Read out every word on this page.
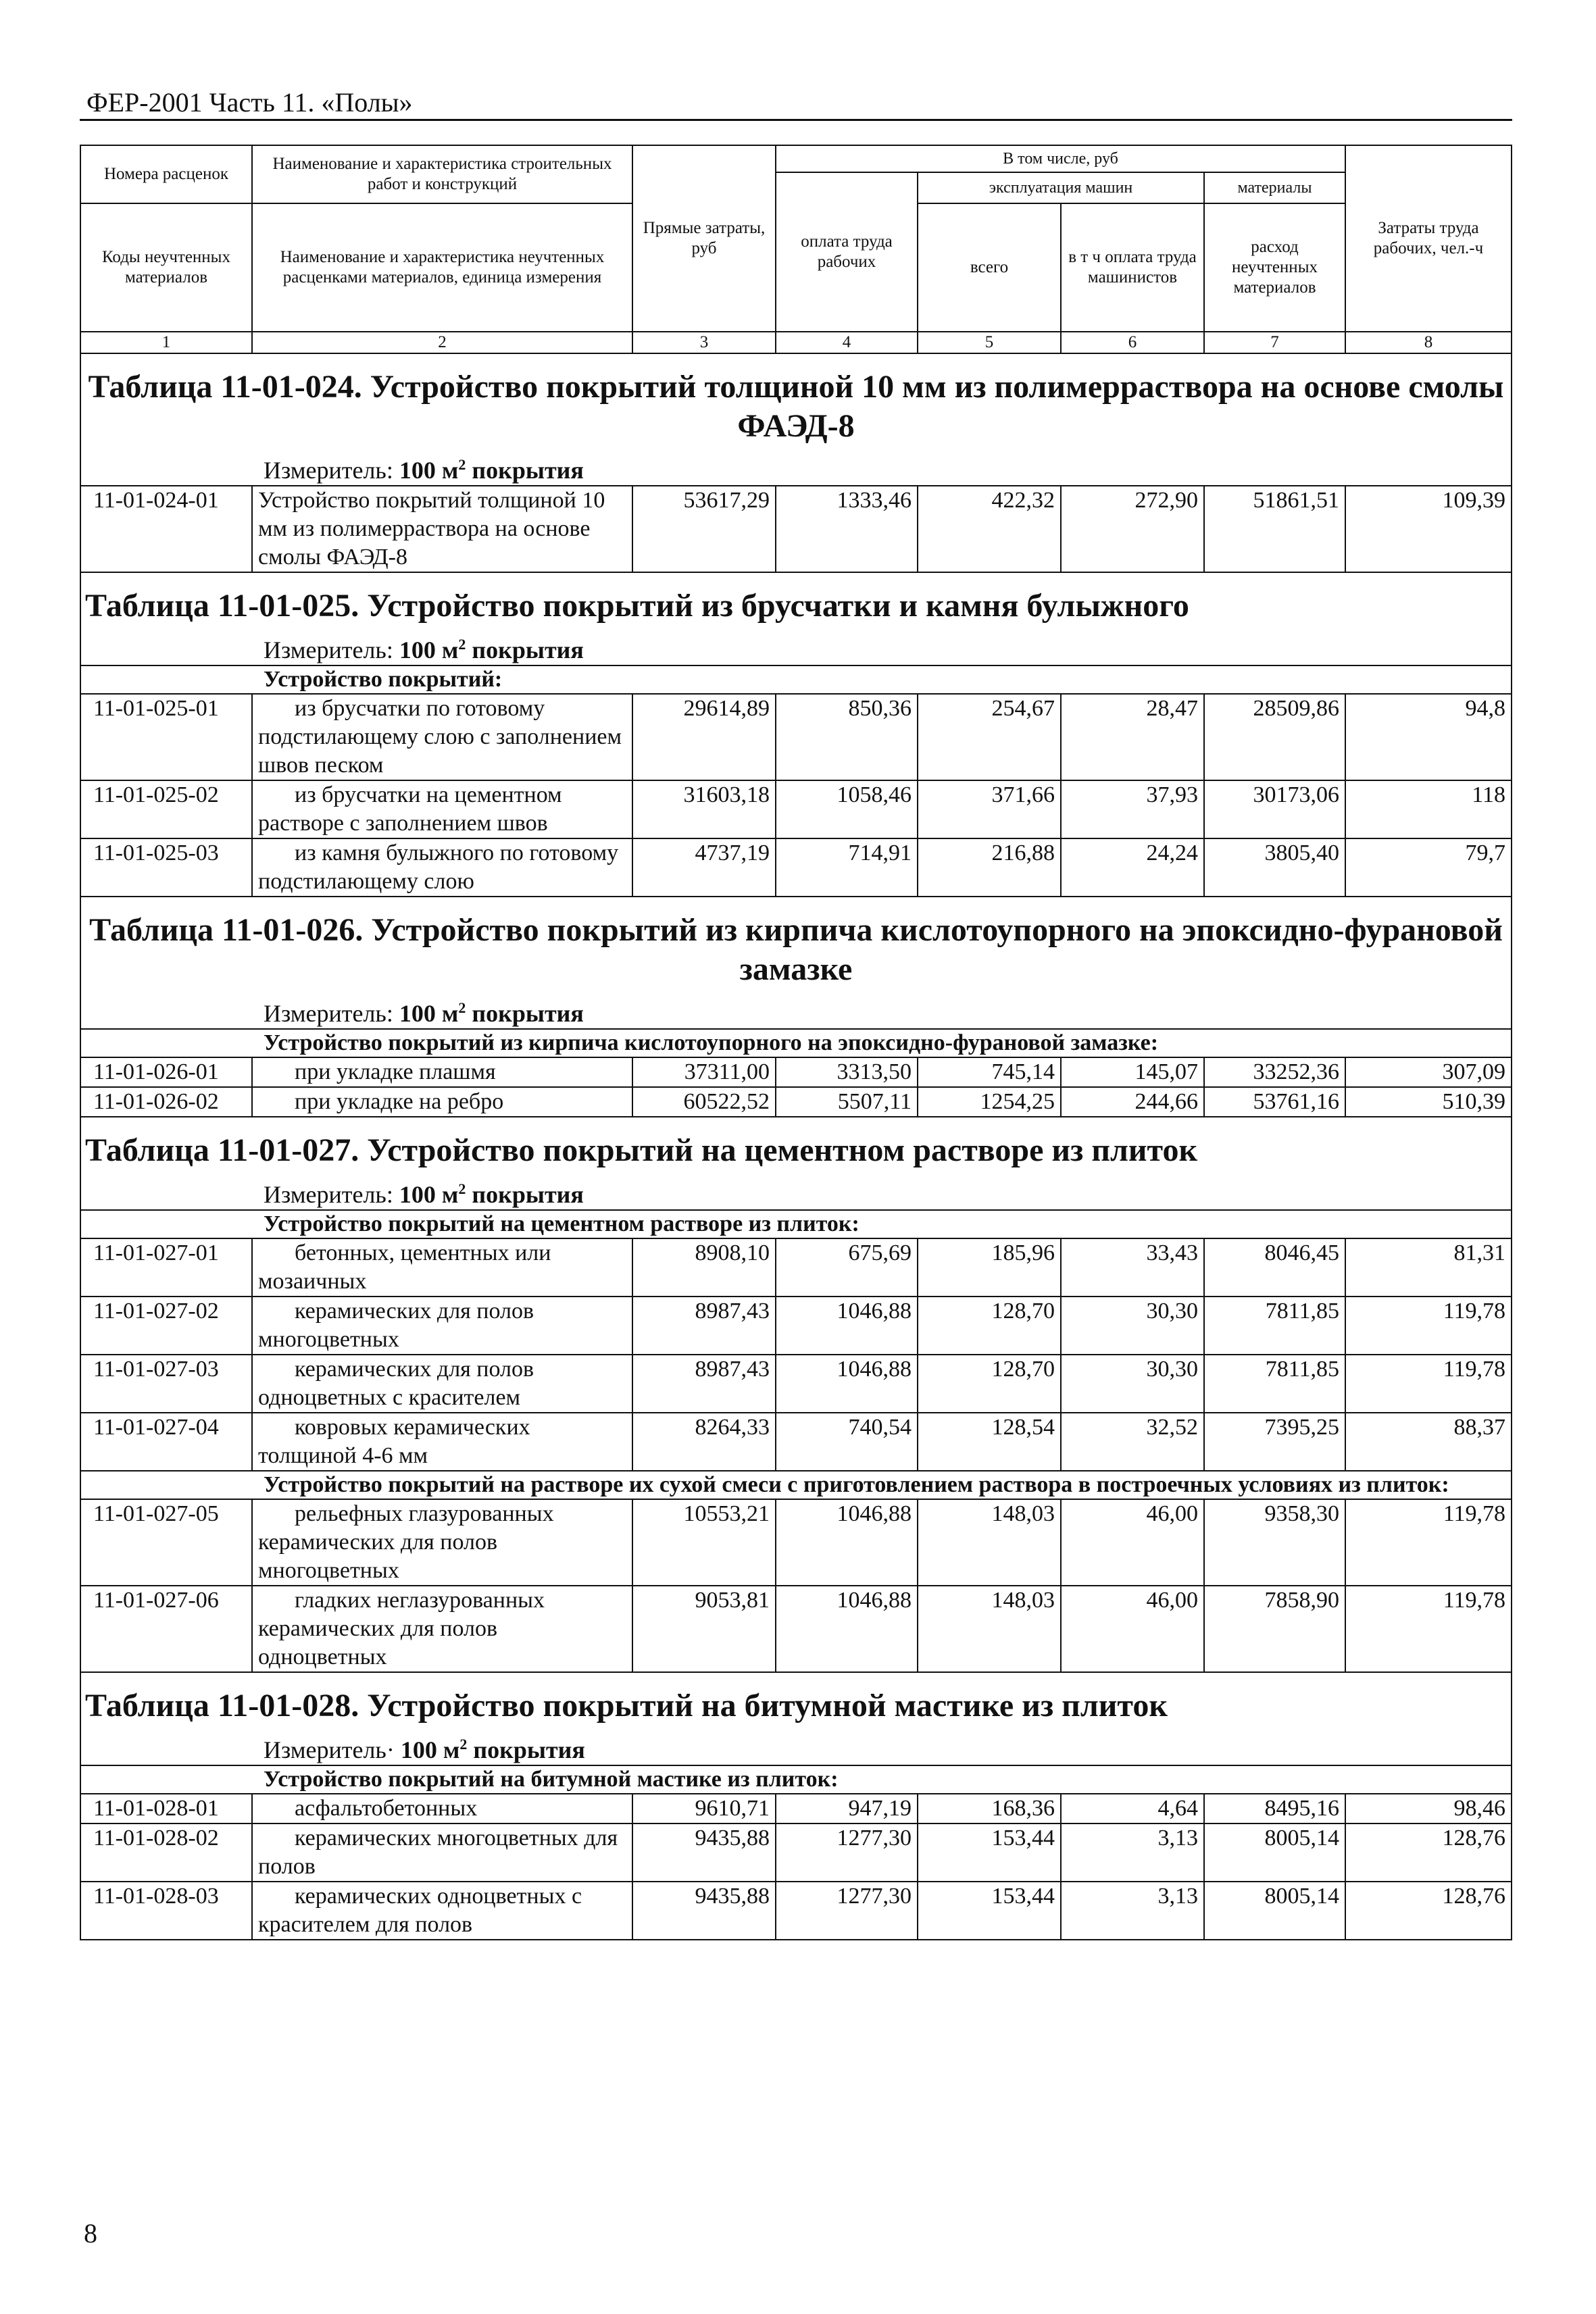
ФЕР-2001 Часть 11. «Полы»
Номера расценок	Наименование и характеристика строительных работ и конструкций	Прямые затраты, руб	В том числе, руб				Затраты труда рабочих, чел.-ч
			оплата труда рабочих	эксплуатация машин		материалы	
Коды неучтенных материалов	Наименование и характеристика неучтенных расценками материалов, единица измерения			всего	в т ч оплата труда машинистов	расход неучтенных материалов	

1	2	3	4	5	6	7	8
Таблица 11-01-024. Устройство покрытий толщиной 10 мм из полимерраствора на основе смолы ФАЭД-8							
Измеритель: 100 $м^2$ покрытия							
11-01-024-01	Устройство покрытий толщиной 10 мм из полимерраствора на основе смолы ФАЭД-8	53617,29	1333,46	422,32	272,90	51861,51	109,39
Таблица 11-01-025. Устройство покрытий из брусчатки и камня булыжного							
Измеритель: 100 $м^2$ покрытия							
Устройство покрытий:							
11-01-025-01	из брусчатки по готовому подстилающему слою с заполнением швов песком	29614,89	850,36	254,67	28,47	28509,86	94,8
11-01-025-02	из брусчатки на цементном растворе с заполнением швов	31603,18	1058,46	371,66	37,93	30173,06	118
11-01-025-03	из камня булыжного по готовому подстилающему слою	4737,19	714,91	216,88	24,24	3805,40	79,7
Таблица 11-01-026. Устройство покрытий из кирпича кислотоупорного на эпоксидно-фурановой замазке							
Измеритель: 100 $м^2$ покрытия							
Устройство покрытий из кирпича кислотоупорного на эпоксидно-фурановой замазке:							
11-01-026-01	при укладке плашмя	37311,00	3313,50	745,14	145,07	33252,36	307,09
11-01-026-02	при укладке на ребро	60522,52	5507,11	1254,25	244,66	53761,16	510,39
Таблица 11-01-027. Устройство покрытий на цементном растворе из плиток							
Измеритель: 100 $м^2$ покрытия							
Устройство покрытий на цементном растворе из плиток:							
11-01-027-01	бетонных, цементных или мозаичных	8908,10	675,69	185,96	33,43	8046,45	81,31
11-01-027-02	керамических для полов многоцветных	8987,43	1046,88	128,70	30,30	7811,85	119,78
11-01-027-03	керамических для полов одноцветных с красителем	8987,43	1046,88	128,70	30,30	7811,85	119,78
11-01-027-04	ковровых керамических толщиной 4-6 мм	8264,33	740,54	128,54	32,52	7395,25	88,37
Устройство покрытий на растворе их сухой смеси с приготовлением раствора в построечных условиях из плиток:							
11-01-027-05	рельефных глазурованных керамических для полов многоцветных	10553,21	1046,88	148,03	46,00	9358,30	119,78
11-01-027-06	гладких неглазурованных керамических для полов одноцветных	9053,81	1046,88	148,03	46,00	7858,90	119,78
Таблица 11-01-028. Устройство покрытий на битумной мастике из плиток							
Измеритель· 100 $м^2$ покрытия							
Устройство покрытий на битумной мастике из плиток:							
11-01-028-01	асфальтобетонных	9610,71	947,19	168,36	4,64	8495,16	98,46
11-01-028-02	керамических многоцветных для полов	9435,88	1277,30	153,44	3,13	8005,14	128,76
11-01-028-03	керамических одноцветных с красителем для полов	9435,88	1277,30	153,44	3,13	8005,14	128,76
8
